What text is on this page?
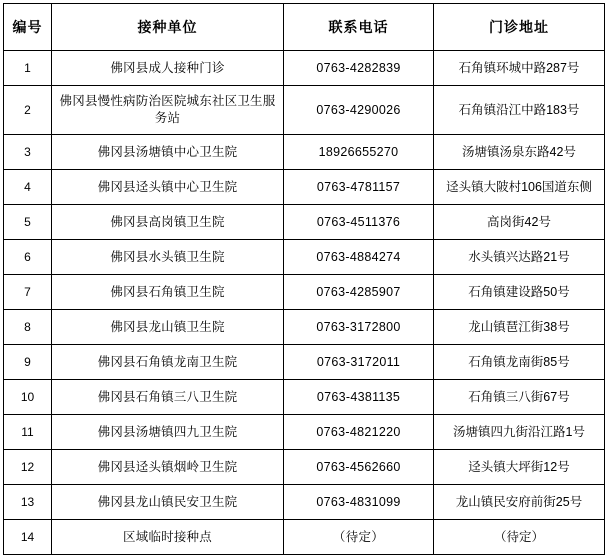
编号	接种单位	联系电话	门诊地址
1	佛冈县成人接种门诊	0763-4282839	石角镇环城中路287号
2	佛冈县慢性病防治医院城东社区卫生服务站	0763-4290026	石角镇沿江中路183号
3	佛冈县汤塘镇中心卫生院	18926655270	汤塘镇汤泉东路42号
4	佛冈县迳头镇中心卫生院	0763-4781157	迳头镇大陂村106国道东侧
5	佛冈县高岗镇卫生院	0763-4511376	高岗街42号
6	佛冈县水头镇卫生院	0763-4884274	水头镇兴达路21号
7	佛冈县石角镇卫生院	0763-4285907	石角镇建设路50号
8	佛冈县龙山镇卫生院	0763-3172800	龙山镇琶江街38号
9	佛冈县石角镇龙南卫生院	0763-3172011	石角镇龙南街85号
10	佛冈县石角镇三八卫生院	0763-4381135	石角镇三八街67号
11	佛冈县汤塘镇四九卫生院	0763-4821220	汤塘镇四九街沿江路1号
12	佛冈县迳头镇烟岭卫生院	0763-4562660	迳头镇大坪街12号
13	佛冈县龙山镇民安卫生院	0763-4831099	龙山镇民安府前街25号
14	区域临时接种点	（待定）	（待定）
